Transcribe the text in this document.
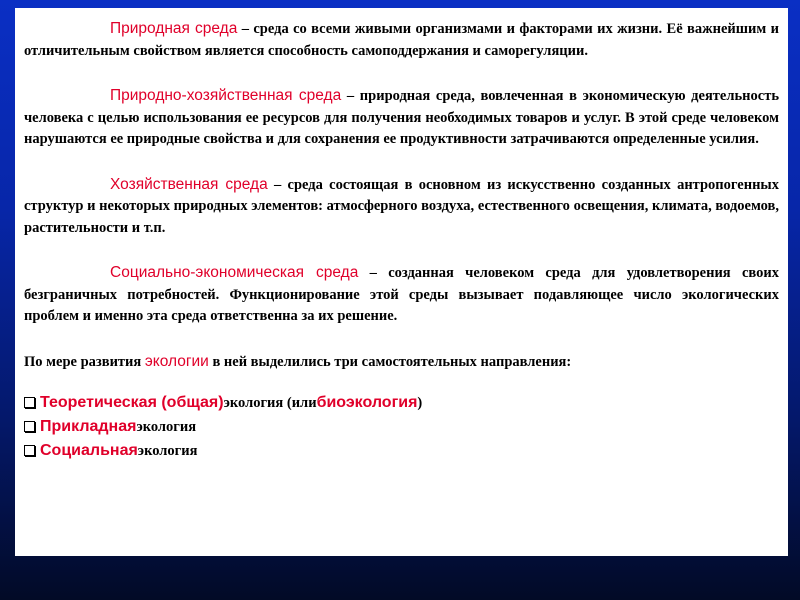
Природная среда – среда со всеми живыми организмами и факторами их жизни. Её важнейшим и отличительным свойством является способность самоподдержания и саморегуляции.

Природно-хозяйственная среда – природная среда, вовлеченная в экономическую деятельность человека с целью использования ее ресурсов для получения необходимых товаров и услуг. В этой среде человеком нарушаются ее природные свойства и для сохранения ее продуктивности затрачиваются определенные усилия.

Хозяйственная среда – среда состоящая в основном из искусственно созданных антропогенных структур и некоторых природных элементов: атмосферного воздуха, естественного освещения, климата, водоемов, растительности и т.п.

Социально-экономическая среда – созданная человеком среда для удовлетворения своих безграничных потребностей. Функционирование этой среды вызывает подавляющее число экологических проблем и именно эта среда ответственна за их решение.

По мере развития экологии в ней выделились три самостоятельных направления:

Теоретическая (общая) экология (или биоэкология )
Прикладная экология
Социальная экология
